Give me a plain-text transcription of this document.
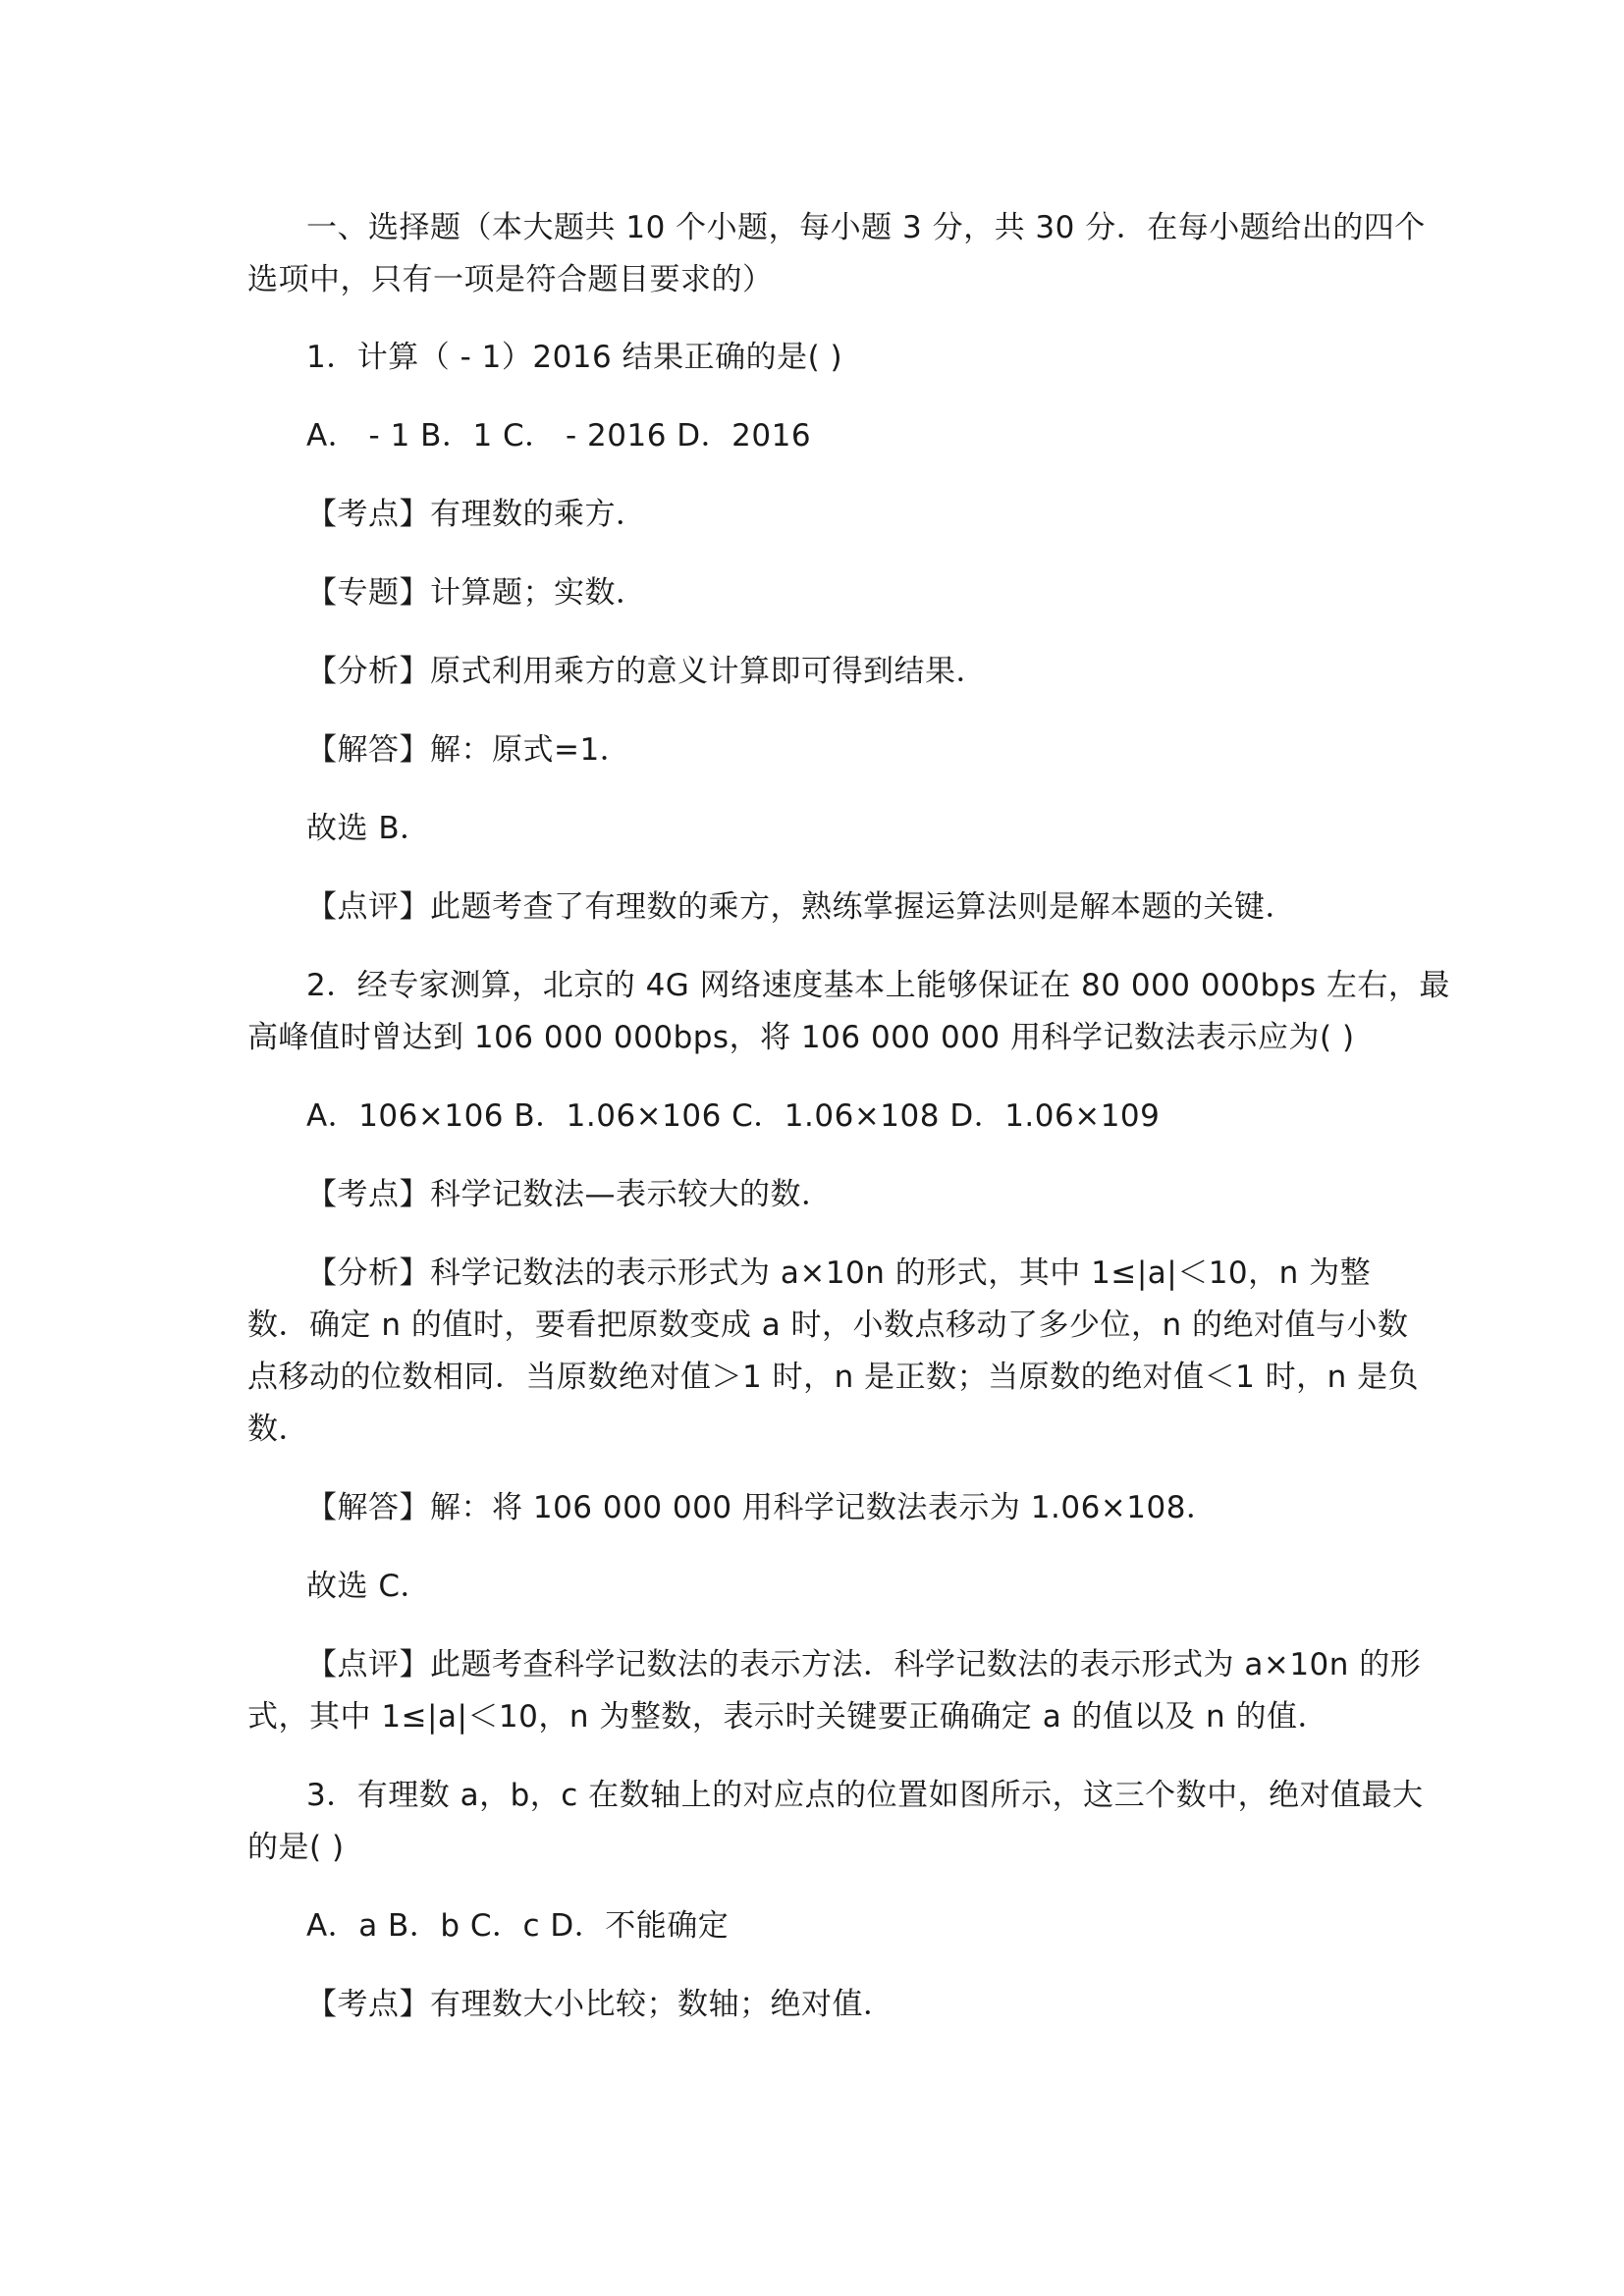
一、选择题（本大题共 10 个小题，每小题 3 分，共 30 分．在每小题给出的四个
选项中，只有一项是符合题目要求的）
1．计算（ - 1）2016 结果正确的是( )
A． - 1 B．1 C． - 2016 D．2016
【考点】有理数的乘方．
【专题】计算题；实数．
【分析】原式利用乘方的意义计算即可得到结果．
【解答】解：原式=1．
故选 B．
【点评】此题考查了有理数的乘方，熟练掌握运算法则是解本题的关键．
2．经专家测算，北京的 4G 网络速度基本上能够保证在 80 000 000bps 左右，最
高峰值时曾达到 106 000 000bps，将 106 000 000 用科学记数法表示应为( )
A．106×106 B．1.06×106 C．1.06×108 D．1.06×109
【考点】科学记数法—表示较大的数．
【分析】科学记数法的表示形式为 a×10n 的形式，其中 1≤|a|＜10，n 为整
数．确定 n 的值时，要看把原数变成 a 时，小数点移动了多少位，n 的绝对值与小数
点移动的位数相同．当原数绝对值＞1 时，n 是正数；当原数的绝对值＜1 时，n 是负
数．
【解答】解：将 106 000 000 用科学记数法表示为 1.06×108．
故选 C．
【点评】此题考查科学记数法的表示方法．科学记数法的表示形式为 a×10n 的形
式，其中 1≤|a|＜10，n 为整数，表示时关键要正确确定 a 的值以及 n 的值．
3．有理数 a，b，c 在数轴上的对应点的位置如图所示，这三个数中，绝对值最大
的是( )
A．a B．b C．c D．不能确定
【考点】有理数大小比较；数轴；绝对值．
